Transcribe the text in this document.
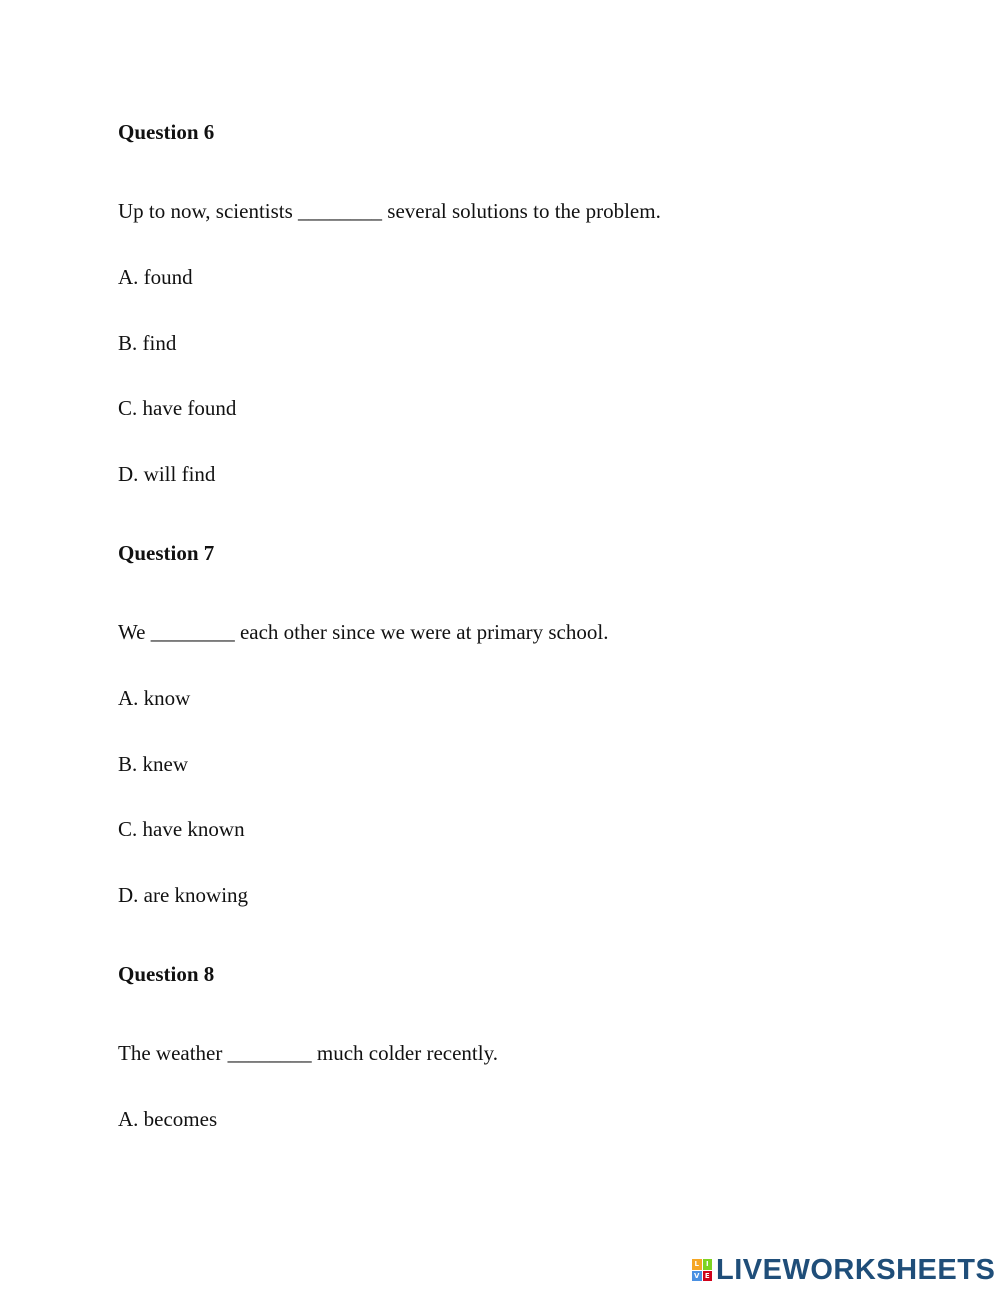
Question 6
Up to now, scientists ________ several solutions to the problem.
A. found
B. find
C. have found
D. will find
Question 7
We ________ each other since we were at primary school.
A. know
B. knew
C. have known
D. are knowing
Question 8
The weather ________ much colder recently.
A. becomes
L I
V E LIVEWORKSHEETS
